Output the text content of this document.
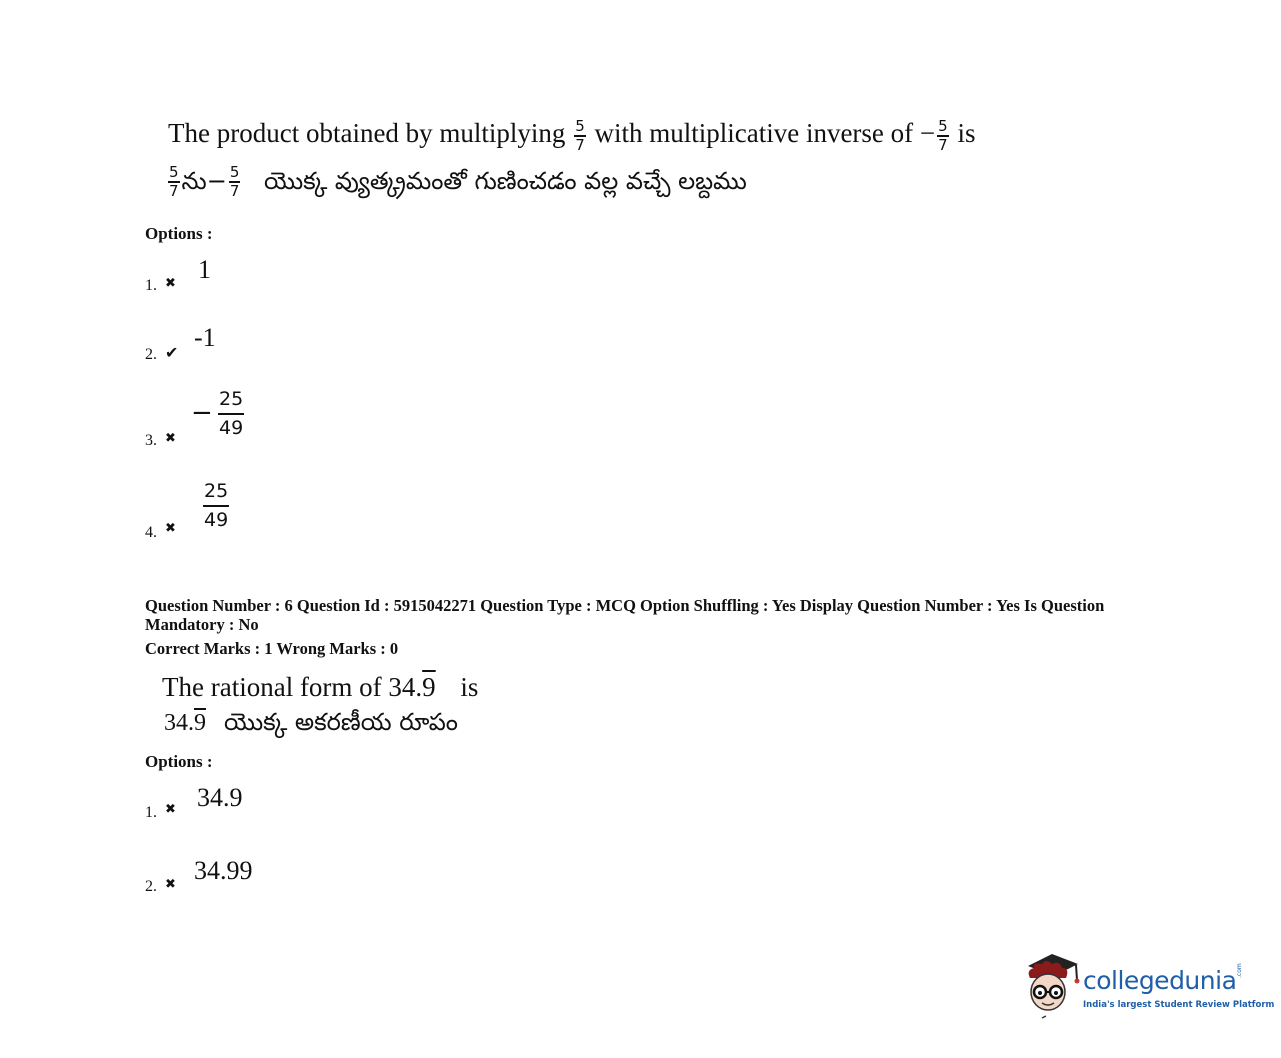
The product obtained by multiplying $\frac{5}{7}$ with multiplicative inverse of − $\frac{5}{7}$ is
$\frac{5}{7}$ ను− $\frac{5}{7}$ యొక్క వ్యుత్క్రమంతో గుణించడం వల్ల వచ్చే లబ్దము
Options :
1. ✖ 1
2. ✔
-1
3. ✖
− $\frac{25}{49}$
4. ✖ $\frac{25}{49}$
Question Number : 6 Question Id : 5915042271 Question Type : MCQ Option Shuffling : Yes Display Question Number : Yes Is Question
Mandatory : No
Correct Marks : 1 Wrong Marks : 0
The rational form of 34.9 is
34.9 యొక్క అకరణీయ రూపం
Options :
1. ✖ 34.9
2. ✖ 34.99
collegedunia .com
India's largest Student Review Platform
